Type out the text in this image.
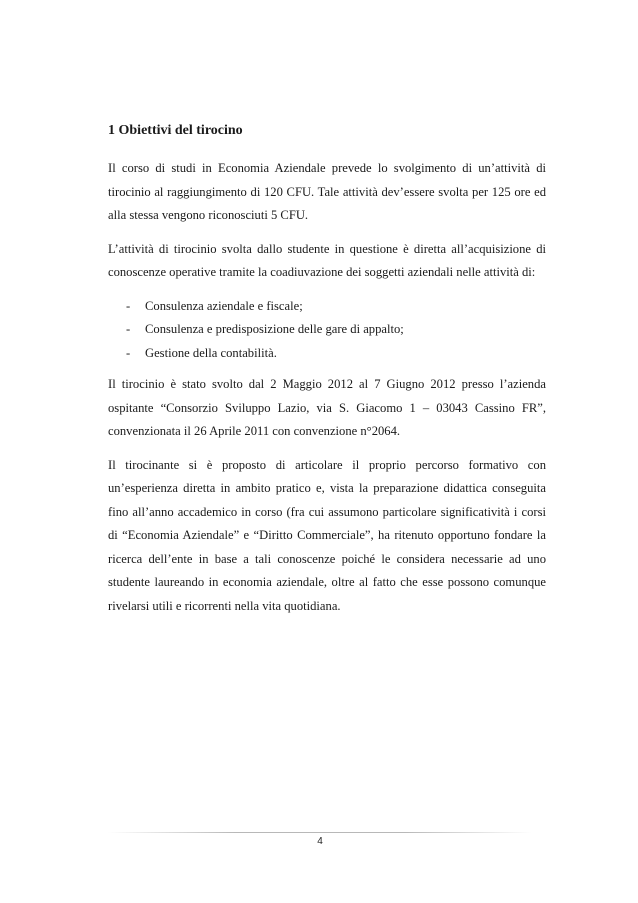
1 Obiettivi del tirocino

Il corso di studi in Economia Aziendale prevede lo svolgimento di un’attività di tirocinio al raggiungimento di 120 CFU. Tale attività dev’essere svolta per 125 ore ed alla stessa vengono riconosciuti 5 CFU.

L’attività di tirocinio svolta dallo studente in questione è diretta all’acquisizione di conoscenze operative tramite la coadiuvazione dei soggetti aziendali nelle attività di:

- Consulenza aziendale e fiscale;
- Consulenza e predisposizione delle gare di appalto;
- Gestione della contabilità.

Il tirocinio è stato svolto dal 2 Maggio 2012 al 7 Giugno 2012 presso l’azienda ospitante “Consorzio Sviluppo Lazio, via S. Giacomo 1 – 03043 Cassino FR”, convenzionata il 26 Aprile 2011 con convenzione n°2064.

Il tirocinante si è proposto di articolare il proprio percorso formativo con un’esperienza diretta in ambito pratico e, vista la preparazione didattica conseguita fino all’anno accademico in corso (fra cui assumono particolare significatività i corsi di “Economia Aziendale” e “Diritto Commerciale”, ha ritenuto opportuno fondare la ricerca dell’ente in base a tali conoscenze poiché le considera necessarie ad uno studente laureando in economia aziendale, oltre al fatto che esse possono comunque rivelarsi utili e ricorrenti nella vita quotidiana.

4
